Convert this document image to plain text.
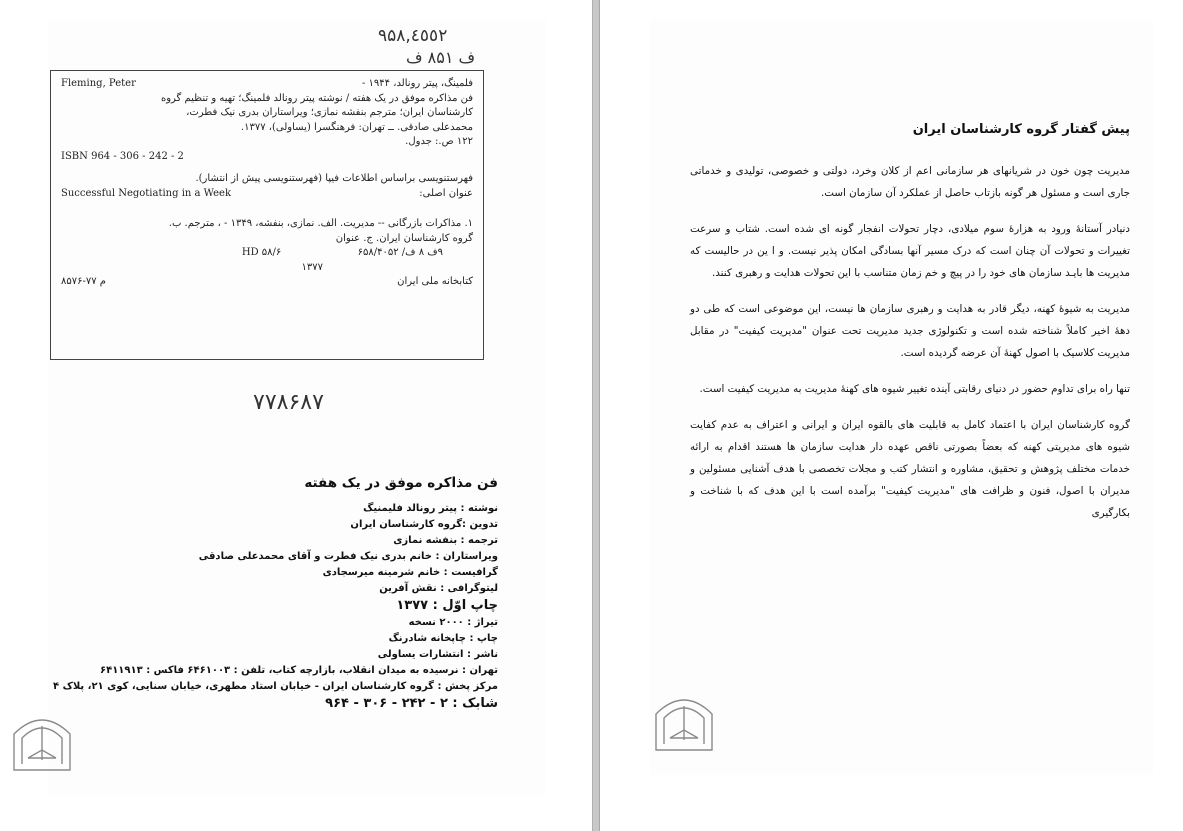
۹۵۸,٤٥٥٢
ف ۸۵۱ ف
Fleming, Peter	فلمینگ، پیتر رونالد، ۱۹۴۴ -
فن مذاکره موفق در یک هفته / نوشته پیتر رونالد فلمینگ؛ تهیه و تنظیم گروه
کارشناسان ایران؛ مترجم بنفشه نمازی؛ ویراستاران بدری نیک فطرت،
محمدعلی صادقی. ــ تهران: فرهنگسرا (یساولی)، ۱۳۷۷.
۱۲۲ ص.: جدول.
ISBN 964 - 306 - 242 - 2
فهرستنویسی براساس اطلاعات فیپا (فهرستنویسی پیش از انتشار).
Successful Negotiating in a Week	عنوان اصلی:
۱. مذاکرات بازرگانی -- مدیریت. الف. نمازی، بنفشه، ۱۳۴۹ - ، مترجم. ب.
گروه کارشناسان ایران. ج. عنوان
۹ف ۸ ف/ HD ۵۸/۶  ۶۵۸/۴۰۵۲
۱۳۷۷
م ۷۷-۸۵۷۶	کتابخانه ملی ایران
۷۷۸۶۸۷
فن مذاکره موفق در یک هفته
نوشته : پیتر رونالد فلیمنیگ
تدوین :گروه کارشناسان ایران
ترجمه : بنفشه نمازی
ویراستاران : خانم بدری نیک فطرت و آقای محمدعلی صادقی
گرافیست : خانم شرمینه میرسجادی
لیتوگرافی : نقش آفرین
چاپ اوّل : ۱۳۷۷
تیراژ : ۲۰۰۰ نسخه
چاپ : چاپخانه شادرنگ
ناشر : انتشارات یساولی
تهران : نرسیده به میدان انقلاب، بازارچه کتاب، تلفن : ۶۴۶۱۰۰۳ فاکس : ۶۴۱۱۹۱۳
مرکز پخش : گروه کارشناسان ایران - خیابان استاد مطهری، خیابان سنایی، کوی ۲۱، پلاک ۴
شابک : ۲ - ۲۴۲ - ۳۰۶ - ۹۶۴
پیش گفتار گروه کارشناسان ایران

مدیریت چون خون در شریانهای هر سازمانی اعم از کلان وخرد، دولتی و خصوصی، تولیدی و خدماتی جاری است و مسئول هر گونه بازتاب حاصل از عملکرد آن سازمان است.

دنیادر آستانهٔ ورود به هزارهٔ سوم میلادی، دچار تحولات انفجار گونه ای شده است. شتاب و سرعت تغییرات و تحولات آن چنان است که درک مسیر آنها بسادگی امکان پذیر نیست. و ا ین در حالیست که مدیریت ها بایـد سازمان های خود را در پیچ و خم زمان متناسب با این تحولات هدایت و رهبری کنند.

مدیریت به شیوهٔ کهنه، دیگر قادر به هدایت و رهبری سازمان ها نیست، این موضوعی است که طی دو دههٔ اخیر کاملاً شناخته شده است و تکنولوژی جدید مدیریت تحت عنوان "مدیریت کیفیت" در مقابل مدیریت کلاسیک با اصول کهنهٔ آن عرضه گردیده است.

تنها راه برای تداوم حضور در دنیای رقابتی آینده تغییر شیوه های کهنهٔ مدیریت به مدیریت کیفیت است.

گروه کارشناسان ایران با اعتماد کامل به قابلیت های بالقوه ایران و ایرانی و اعتراف به عدم کفایت شیوه های مدیریتی کهنه که بعضاً بصورتی ناقص عهده دار هدایت سازمان ها هستند اقدام به ارائه خدمات مختلف پژوهش و تحقیق، مشاوره و انتشار کتب و مجلات تخصصی با هدف آشنایی مسئولین و مدیران با اصول، فنون و ظرافت های "مدیریت کیفیت" برآمده است با این هدف که با شناخت و بکارگیری
